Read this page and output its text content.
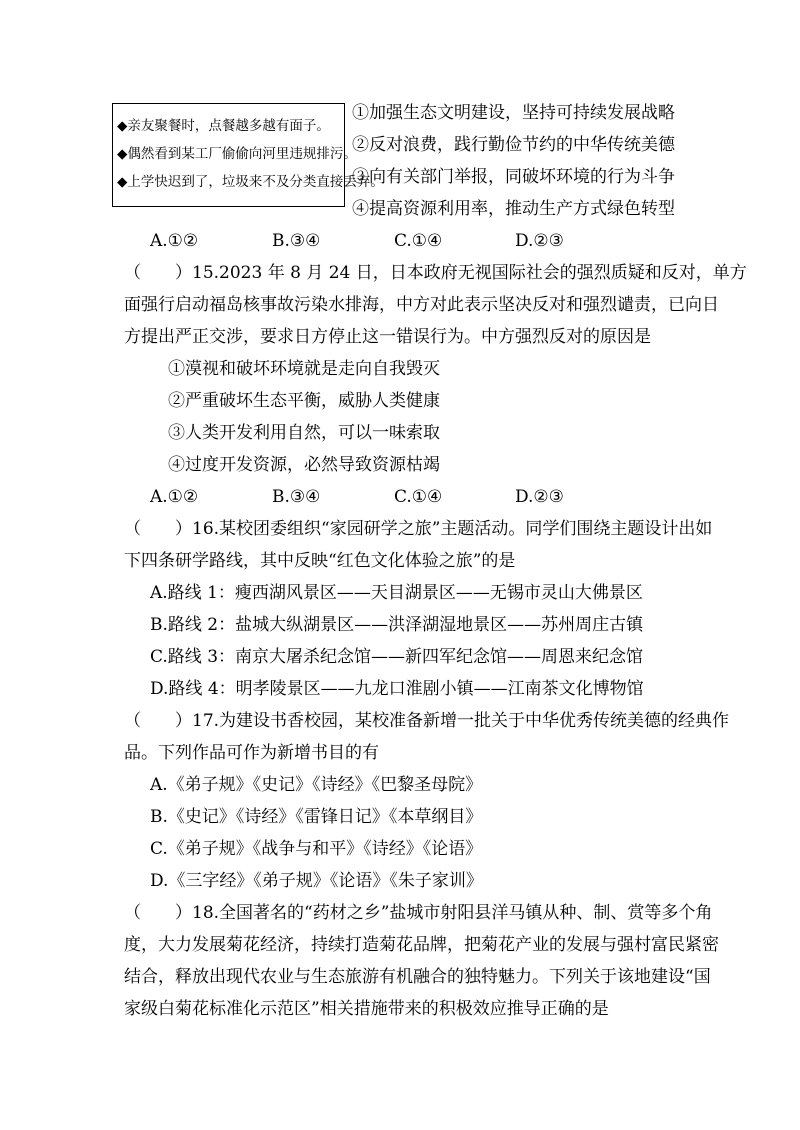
◆亲友聚餐时，点餐越多越有面子。
◆偶然看到某工厂偷偷向河里违规排污。
◆上学快迟到了，垃圾来不及分类直接丢弃。
①加强生态文明建设，坚持可持续发展战略
②反对浪费，践行勤俭节约的中华传统美德
③向有关部门举报，同破坏环境的行为斗争
④提高资源利用率，推动生产方式绿色转型
A.①②	B.③④	C.①④	D.②③
（　　）15.2023 年 8 月 24 日，日本政府无视国际社会的强烈质疑和反对，单方
面强行启动福岛核事故污染水排海，中方对此表示坚决反对和强烈谴责，已向日
方提出严正交涉，要求日方停止这一错误行为。中方强烈反对的原因是
①漠视和破坏环境就是走向自我毁灭
②严重破坏生态平衡，威胁人类健康
③人类开发利用自然，可以一味索取
④过度开发资源，必然导致资源枯竭
A.①②	B.③④	C.①④	D.②③
（　　）16.某校团委组织“家园研学之旅”主题活动。同学们围绕主题设计出如
下四条研学路线，其中反映“红色文化体验之旅”的是
A.路线 1：瘦西湖风景区——天目湖景区——无锡市灵山大佛景区
B.路线 2：盐城大纵湖景区——洪泽湖湿地景区——苏州周庄古镇
C.路线 3：南京大屠杀纪念馆——新四军纪念馆——周恩来纪念馆
D.路线 4：明孝陵景区——九龙口淮剧小镇——江南茶文化博物馆
（　　）17.为建设书香校园，某校准备新增一批关于中华优秀传统美德的经典作
品。下列作品可作为新增书目的有
A.《弟子规》《史记》《诗经》《巴黎圣母院》
B.《史记》《诗经》《雷锋日记》《本草纲目》
C.《弟子规》《战争与和平》《诗经》《论语》
D.《三字经》《弟子规》《论语》《朱子家训》
（　　）18.全国著名的“药材之乡”盐城市射阳县洋马镇从种、制、赏等多个角
度，大力发展菊花经济，持续打造菊花品牌，把菊花产业的发展与强村富民紧密
结合，释放出现代农业与生态旅游有机融合的独特魅力。下列关于该地建设“国
家级白菊花标准化示范区”相关措施带来的积极效应推导正确的是
